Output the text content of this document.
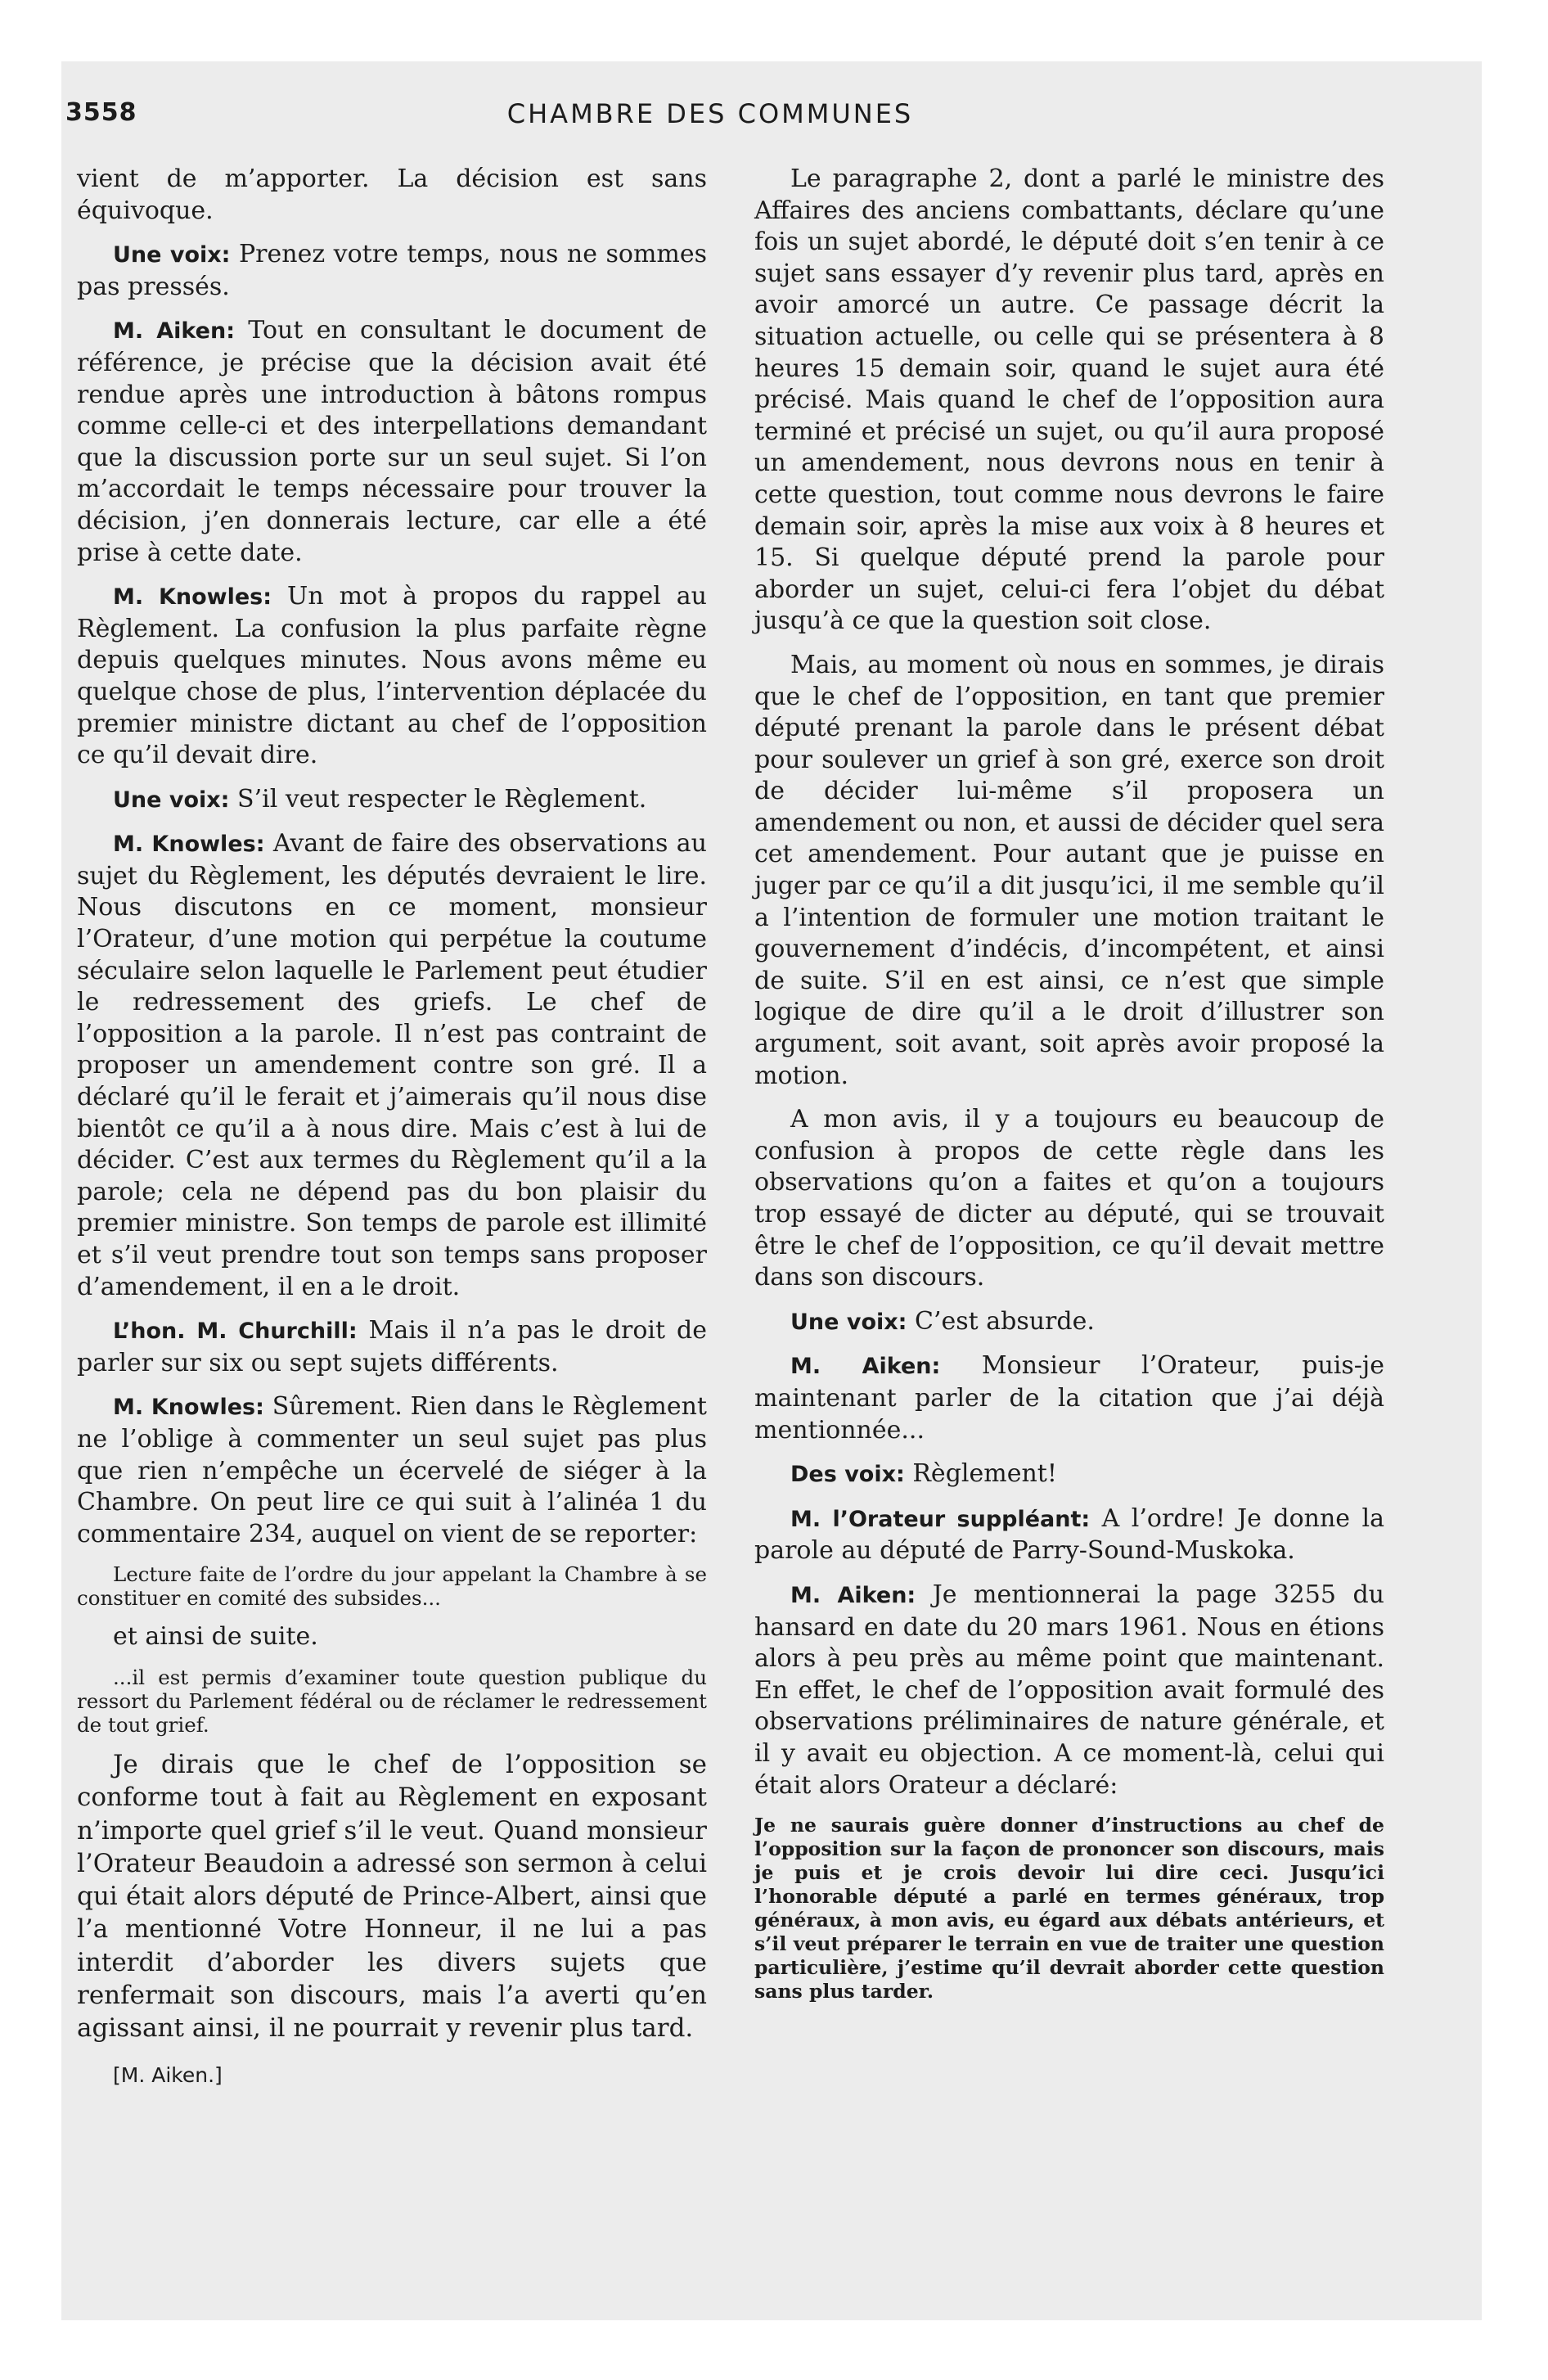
3558	CHAMBRE DES COMMUNES

vient de m’apporter. La décision est sans équivoque.

Une voix: Prenez votre temps, nous ne sommes pas pressés.

M. Aiken: Tout en consultant le document de référence, je précise que la décision avait été rendue après une introduction à bâtons rompus comme celle-ci et des interpellations demandant que la discussion porte sur un seul sujet. Si l’on m’accordait le temps nécessaire pour trouver la décision, j’en donnerais lecture, car elle a été prise à cette date.

M. Knowles: Un mot à propos du rappel au Règlement. La confusion la plus parfaite règne depuis quelques minutes. Nous avons même eu quelque chose de plus, l’intervention déplacée du premier ministre dictant au chef de l’opposition ce qu’il devait dire.

Une voix: S’il veut respecter le Règlement.

M. Knowles: Avant de faire des observations au sujet du Règlement, les députés devraient le lire. Nous discutons en ce moment, monsieur l’Orateur, d’une motion qui perpétue la coutume séculaire selon laquelle le Parlement peut étudier le redressement des griefs. Le chef de l’opposition a la parole. Il n’est pas contraint de proposer un amendement contre son gré. Il a déclaré qu’il le ferait et j’aimerais qu’il nous dise bientôt ce qu’il a à nous dire. Mais c’est à lui de décider. C’est aux termes du Règlement qu’il a la parole; cela ne dépend pas du bon plaisir du premier ministre. Son temps de parole est illimité et s’il veut prendre tout son temps sans proposer d’amendement, il en a le droit.

L’hon. M. Churchill: Mais il n’a pas le droit de parler sur six ou sept sujets différents.

M. Knowles: Sûrement. Rien dans le Règlement ne l’oblige à commenter un seul sujet pas plus que rien n’empêche un écervelé de siéger à la Chambre. On peut lire ce qui suit à l’alinéa 1 du commentaire 234, auquel on vient de se reporter:

Lecture faite de l’ordre du jour appelant la Chambre à se constituer en comité des subsides...

et ainsi de suite.

...il est permis d’examiner toute question publique du ressort du Parlement fédéral ou de réclamer le redressement de tout grief.

Je dirais que le chef de l’opposition se conforme tout à fait au Règlement en exposant n’importe quel grief s’il le veut. Quand monsieur l’Orateur Beaudoin a adressé son sermon à celui qui était alors député de Prince-Albert, ainsi que l’a mentionné Votre Honneur, il ne lui a pas interdit d’aborder les divers sujets que renfermait son discours, mais l’a averti qu’en agissant ainsi, il ne pourrait y revenir plus tard.

[M. Aiken.]

Le paragraphe 2, dont a parlé le ministre des Affaires des anciens combattants, déclare qu’une fois un sujet abordé, le député doit s’en tenir à ce sujet sans essayer d’y revenir plus tard, après en avoir amorcé un autre. Ce passage décrit la situation actuelle, ou celle qui se présentera à 8 heures 15 demain soir, quand le sujet aura été précisé. Mais quand le chef de l’opposition aura terminé et précisé un sujet, ou qu’il aura proposé un amendement, nous devrons nous en tenir à cette question, tout comme nous devrons le faire demain soir, après la mise aux voix à 8 heures et 15. Si quelque député prend la parole pour aborder un sujet, celui-ci fera l’objet du débat jusqu’à ce que la question soit close.

Mais, au moment où nous en sommes, je dirais que le chef de l’opposition, en tant que premier député prenant la parole dans le présent débat pour soulever un grief à son gré, exerce son droit de décider lui-même s’il proposera un amendement ou non, et aussi de décider quel sera cet amendement. Pour autant que je puisse en juger par ce qu’il a dit jusqu’ici, il me semble qu’il a l’intention de formuler une motion traitant le gouvernement d’indécis, d’incompétent, et ainsi de suite. S’il en est ainsi, ce n’est que simple logique de dire qu’il a le droit d’illustrer son argument, soit avant, soit après avoir proposé la motion.

A mon avis, il y a toujours eu beaucoup de confusion à propos de cette règle dans les observations qu’on a faites et qu’on a toujours trop essayé de dicter au député, qui se trouvait être le chef de l’opposition, ce qu’il devait mettre dans son discours.

Une voix: C’est absurde.

M. Aiken: Monsieur l’Orateur, puis-je maintenant parler de la citation que j’ai déjà mentionnée...

Des voix: Règlement!

M. l’Orateur suppléant: A l’ordre! Je donne la parole au député de Parry-Sound-Muskoka.

M. Aiken: Je mentionnerai la page 3255 du hansard en date du 20 mars 1961. Nous en étions alors à peu près au même point que maintenant. En effet, le chef de l’opposition avait formulé des observations préliminaires de nature générale, et il y avait eu objection. A ce moment-là, celui qui était alors Orateur a déclaré:

Je ne saurais guère donner d’instructions au chef de l’opposition sur la façon de prononcer son discours, mais je puis et je crois devoir lui dire ceci. Jusqu’ici l’honorable député a parlé en termes généraux, trop généraux, à mon avis, eu égard aux débats antérieurs, et s’il veut préparer le terrain en vue de traiter une question particulière, j’estime qu’il devrait aborder cette question sans plus tarder.
